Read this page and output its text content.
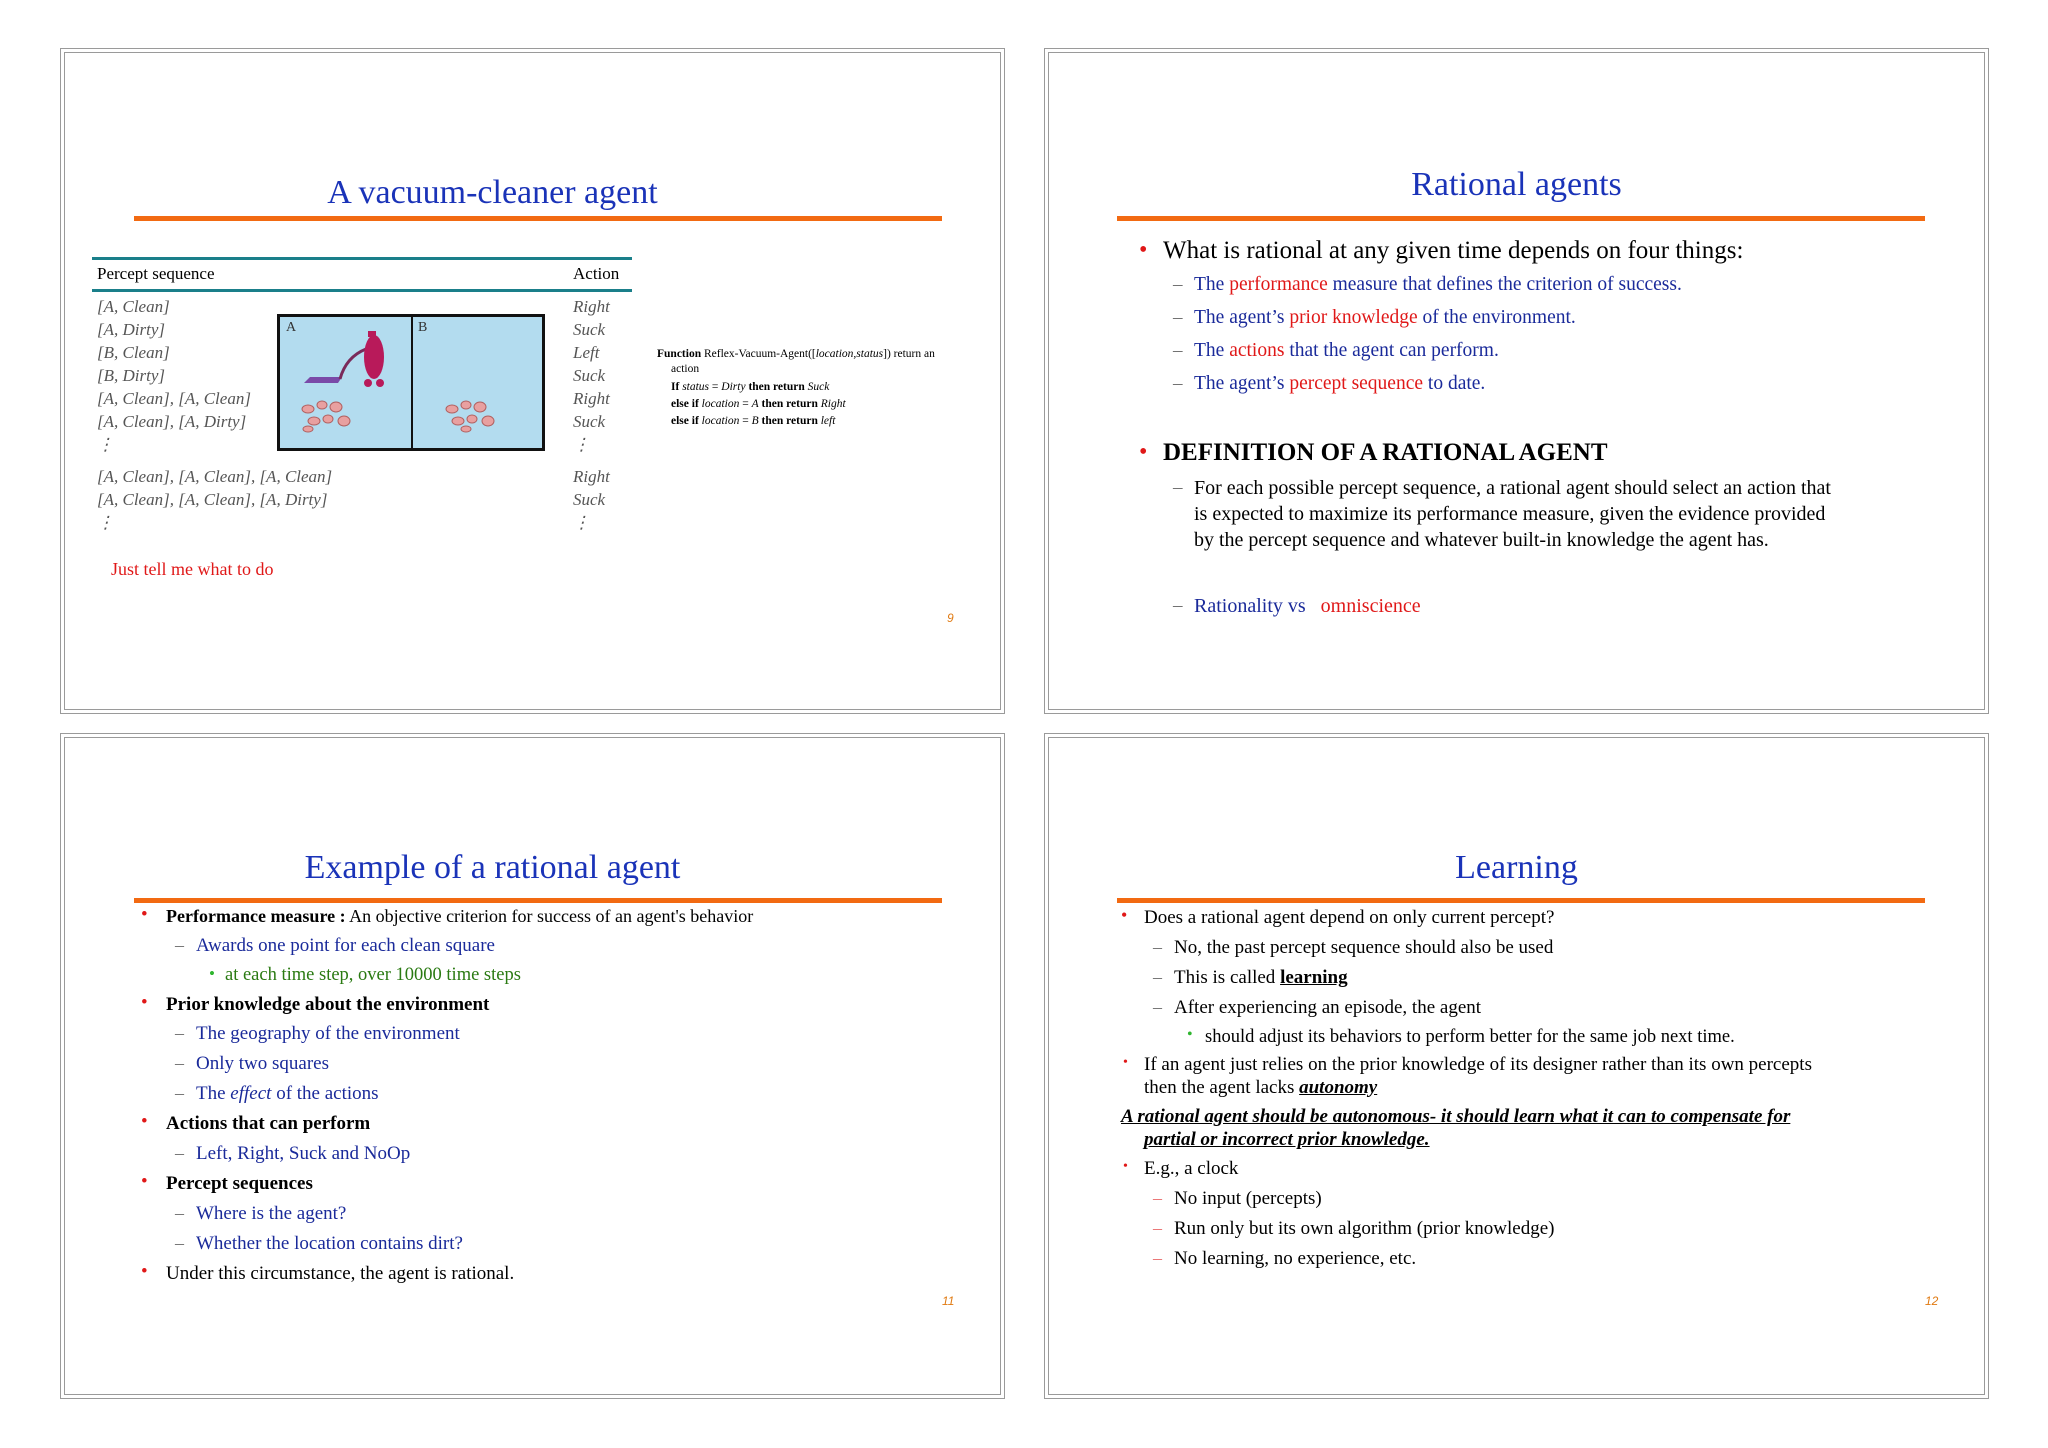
A vacuum-cleaner agent
Percept sequence	Action
[A, Clean]	Right
[A, Dirty]	Suck
[B, Clean]	Left
[B, Dirty]	Suck
[A, Clean], [A, Clean]	Right
[A, Clean], [A, Dirty]	Suck
⋮	⋮
[A, Clean], [A, Clean], [A, Clean]	Right
[A, Clean], [A, Clean], [A, Dirty]	Suck
⋮	⋮
A	B
Function Reflex-Vacuum-Agent([location,status]) return an
action
If status = Dirty then return Suck
else if location = A then return Right
else if location = B then return left
Just tell me what to do
9
Rational agents
• What is rational at any given time depends on four things:
– The performance measure that defines the criterion of success.
– The agent’s prior knowledge of the environment.
– The actions that the agent can perform.
– The agent’s percept sequence to date.
• DEFINITION OF A RATIONAL AGENT
– For each possible percept sequence, a rational agent should select an action that
is expected to maximize its performance measure, given the evidence provided
by the percept sequence and whatever built-in knowledge the agent has.
– Rationality vs   omniscience
Example of a rational agent
• Performance measure : An objective criterion for success of an agent's behavior
– Awards one point for each clean square
• at each time step, over 10000 time steps
• Prior knowledge about the environment
– The geography of the environment
– Only two squares
– The effect of the actions
• Actions that can perform
– Left, Right, Suck and NoOp
• Percept sequences
– Where is the agent?
– Whether the location contains dirt?
• Under this circumstance, the agent is rational.
11
Learning
• Does a rational agent depend on only current percept?
– No, the past percept sequence should also be used
– This is called learning
– After experiencing an episode, the agent
• should adjust its behaviors to perform better for the same job next time.
• If an agent just relies on the prior knowledge of its designer rather than its own percepts
then the agent lacks autonomy
A rational agent should be autonomous- it should learn what it can to compensate for
partial or incorrect prior knowledge.
• E.g., a clock
– No input (percepts)
– Run only but its own algorithm (prior knowledge)
– No learning, no experience, etc.
12
